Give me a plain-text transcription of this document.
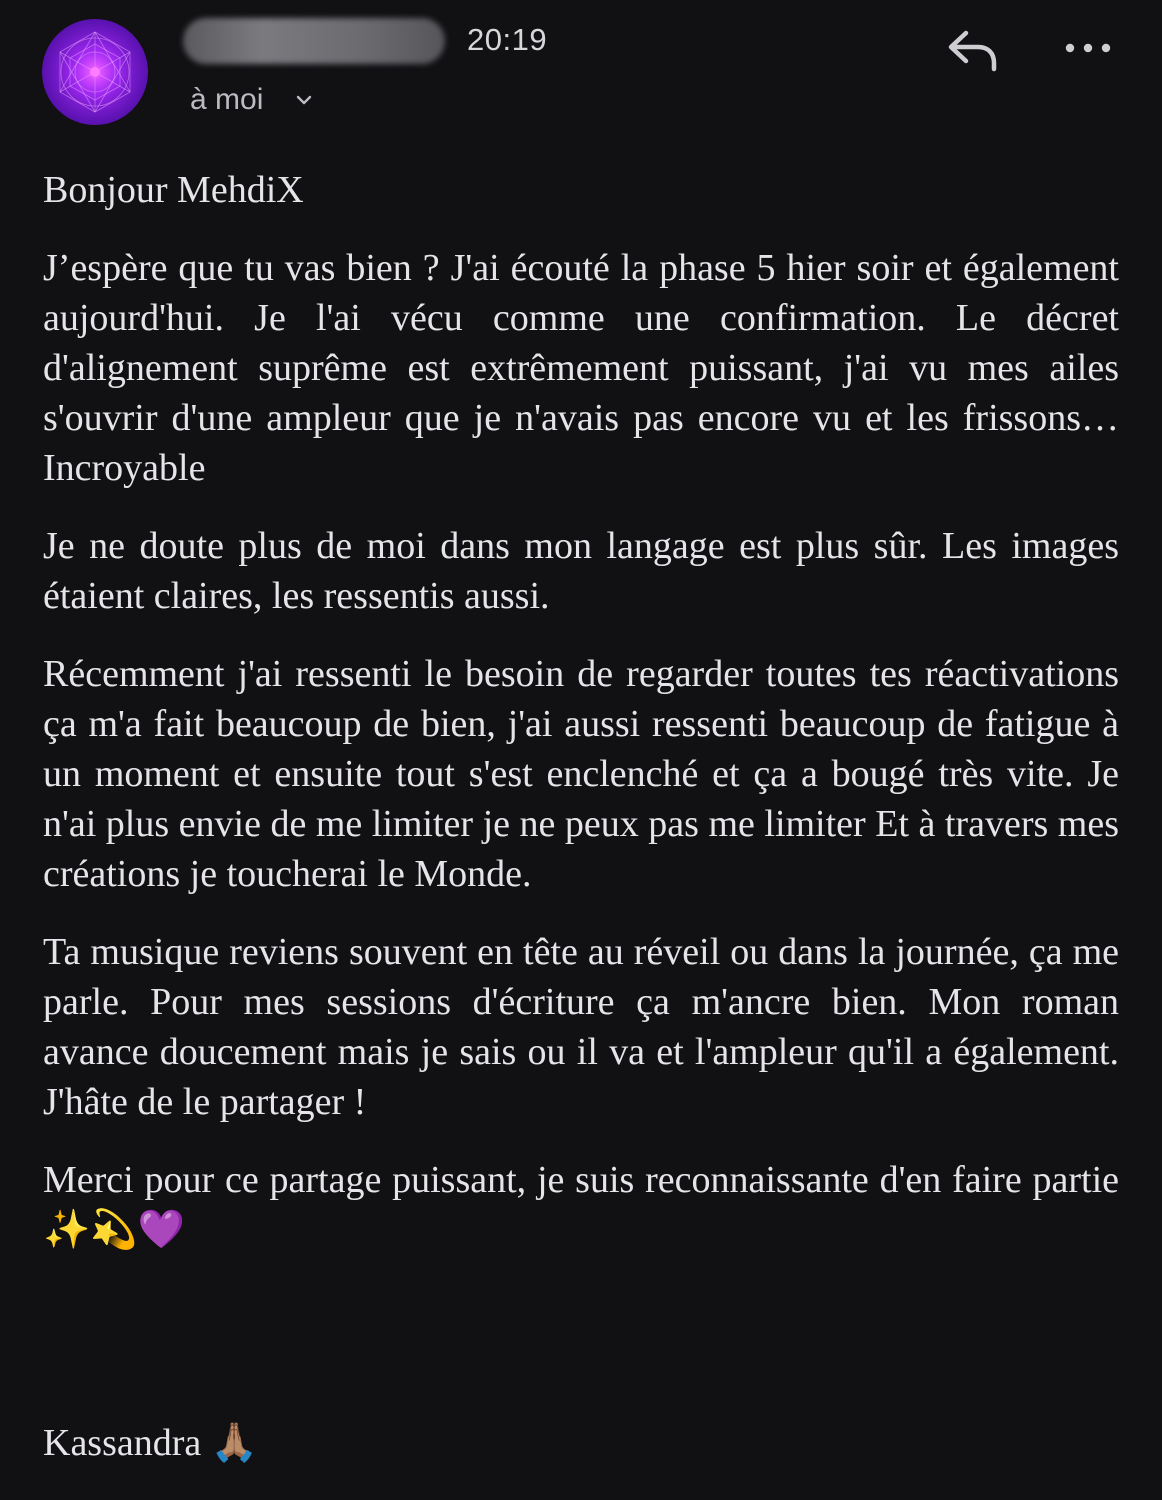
20:19
à moi

Bonjour MehdiX

J’espère que tu vas bien ? J'ai écouté la phase 5 hier soir et également aujourd'hui. Je l'ai vécu comme une confirmation. Le décret d'alignement suprême est extrêmement puissant, j'ai vu mes ailes s'ouvrir d'une ampleur que je n'avais pas encore vu et les frissons… Incroyable

Je ne doute plus de moi dans mon langage est plus sûr. Les images étaient claires, les ressentis aussi.

Récemment j'ai ressenti le besoin de regarder toutes tes réactivations ça m'a fait beaucoup de bien, j'ai aussi ressenti beaucoup de fatigue à un moment et ensuite tout s'est enclenché et ça a bougé très vite. Je n'ai plus envie de me limiter je ne peux pas me limiter Et à travers mes créations je toucherai le Monde.

Ta musique reviens souvent en tête au réveil ou dans la journée, ça me parle. Pour mes sessions d'écriture ça m'ancre bien. Mon roman avance doucement mais je sais ou il va et l'ampleur qu'il a également. J'hâte de le partager !

Merci pour ce partage puissant, je suis reconnaissante d'en faire partie ✨💫💜

Kassandra 🙏🏽
